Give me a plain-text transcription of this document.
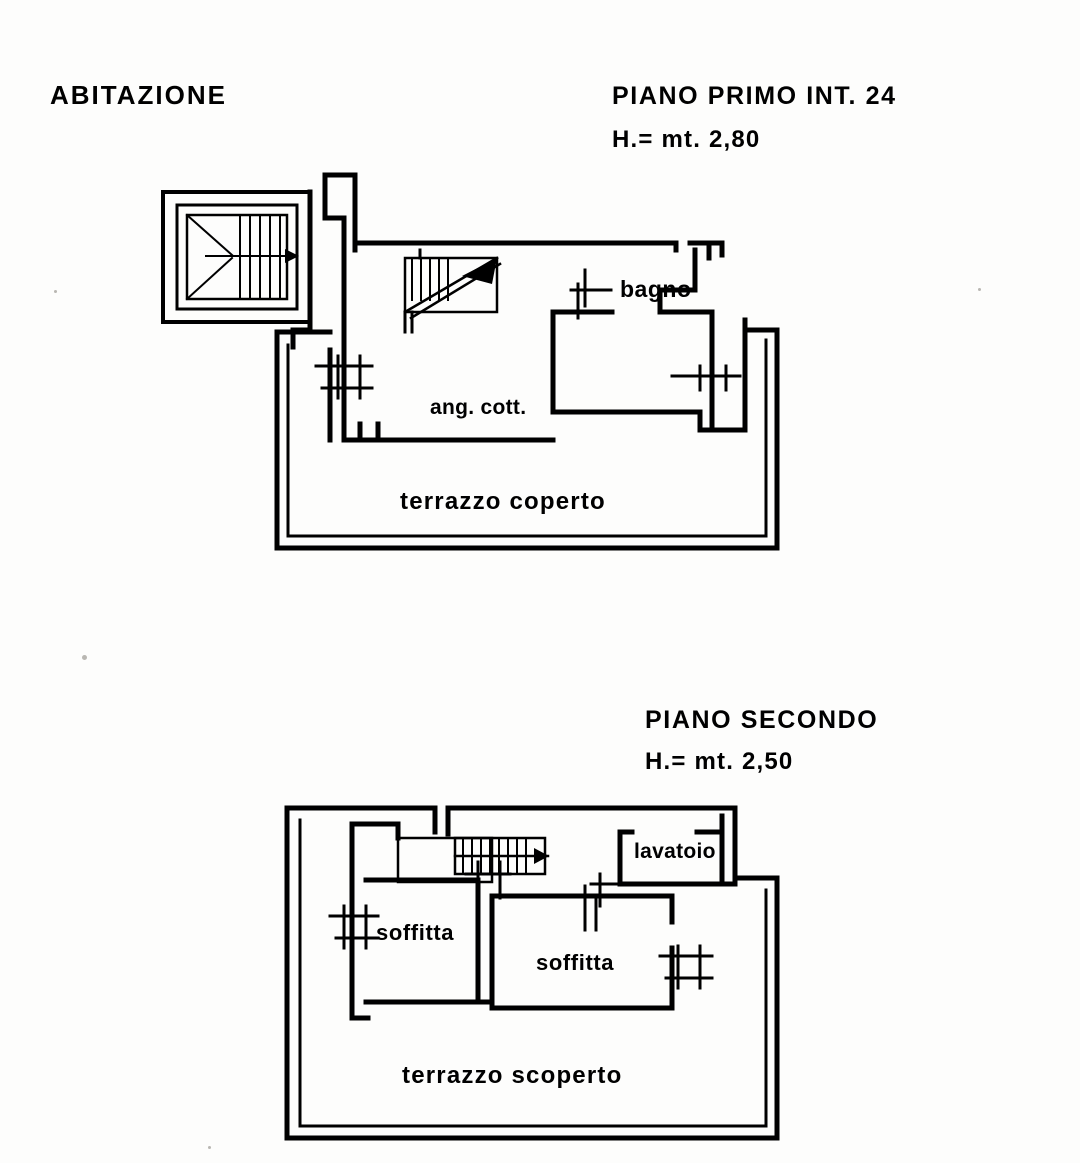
ABITAZIONE	PIANO PRIMO INT. 24
H.= mt. 2,80
PIANO SECONDO
H.= mt. 2,50
bagno
ang. cott.
terrazzo coperto
lavatoio
soffitta
soffitta
terrazzo scoperto
